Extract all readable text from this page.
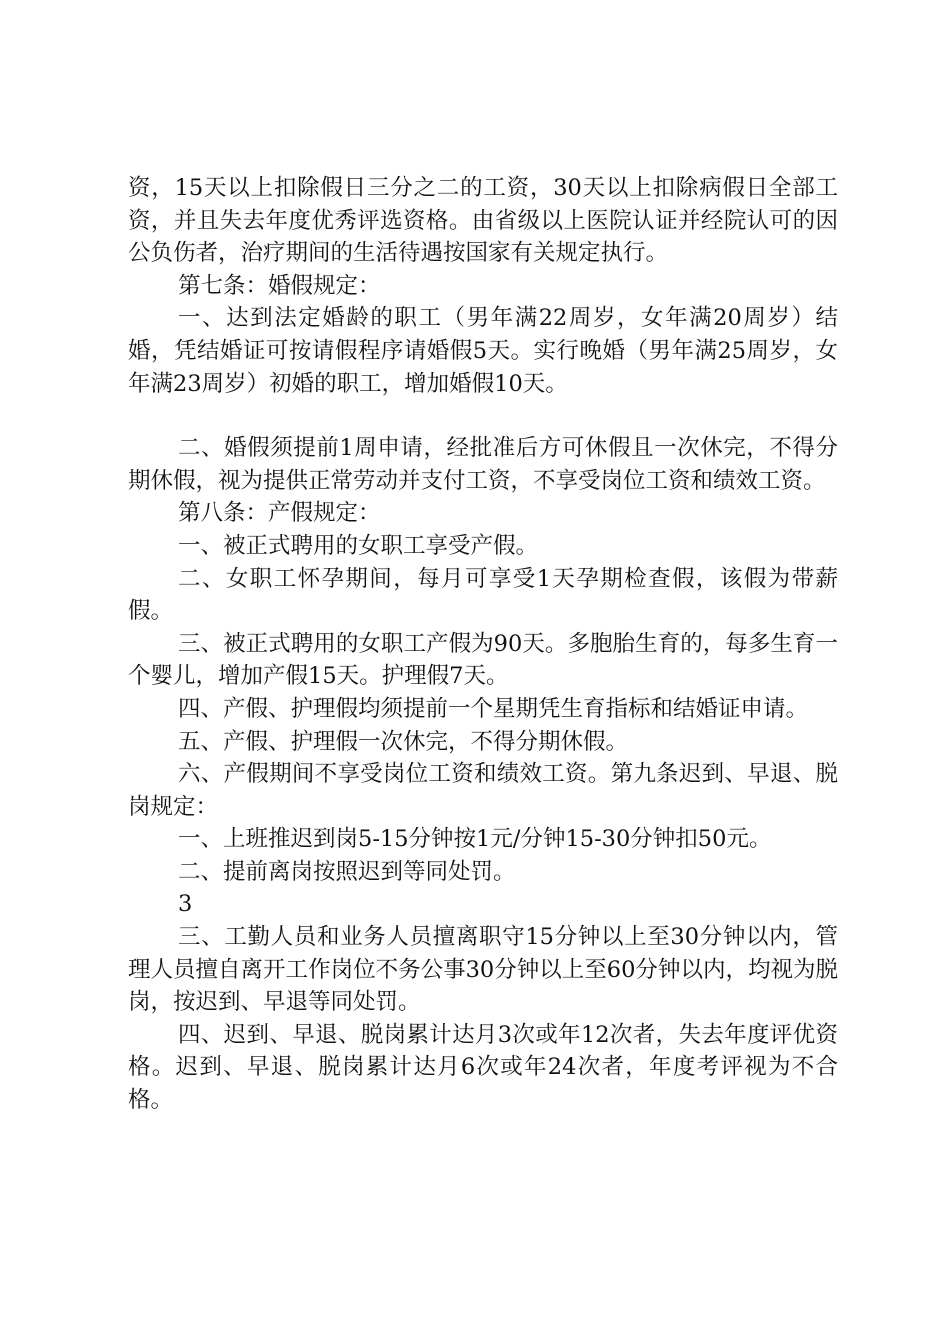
资，15天以上扣除假日三分之二的工资，30天以上扣除病假日全部工资，并且失去年度优秀评选资格。由省级以上医院认证并经院认可的因公负伤者，治疗期间的生活待遇按国家有关规定执行。

第七条：婚假规定：

一、达到法定婚龄的职工（男年满22周岁，女年满20周岁）结婚，凭结婚证可按请假程序请婚假5天。实行晚婚（男年满25周岁，女年满23周岁）初婚的职工，增加婚假10天。

二、婚假须提前1周申请，经批准后方可休假且一次休完，不得分期休假，视为提供正常劳动并支付工资，不享受岗位工资和绩效工资。

第八条：产假规定：

一、被正式聘用的女职工享受产假。

二、女职工怀孕期间，每月可享受1天孕期检查假，该假为带薪假。

三、被正式聘用的女职工产假为90天。多胞胎生育的，每多生育一个婴儿，增加产假15天。护理假7天。

四、产假、护理假均须提前一个星期凭生育指标和结婚证申请。

五、产假、护理假一次休完，不得分期休假。

六、产假期间不享受岗位工资和绩效工资。第九条迟到、早退、脱岗规定：

一、上班推迟到岗5-15分钟按1元/分钟15-30分钟扣50元。

二、提前离岗按照迟到等同处罚。

3

三、工勤人员和业务人员擅离职守15分钟以上至30分钟以内，管理人员擅自离开工作岗位不务公事30分钟以上至60分钟以内，均视为脱岗，按迟到、早退等同处罚。

四、迟到、早退、脱岗累计达月3次或年12次者，失去年度评优资格。迟到、早退、脱岗累计达月6次或年24次者，年度考评视为不合格。
